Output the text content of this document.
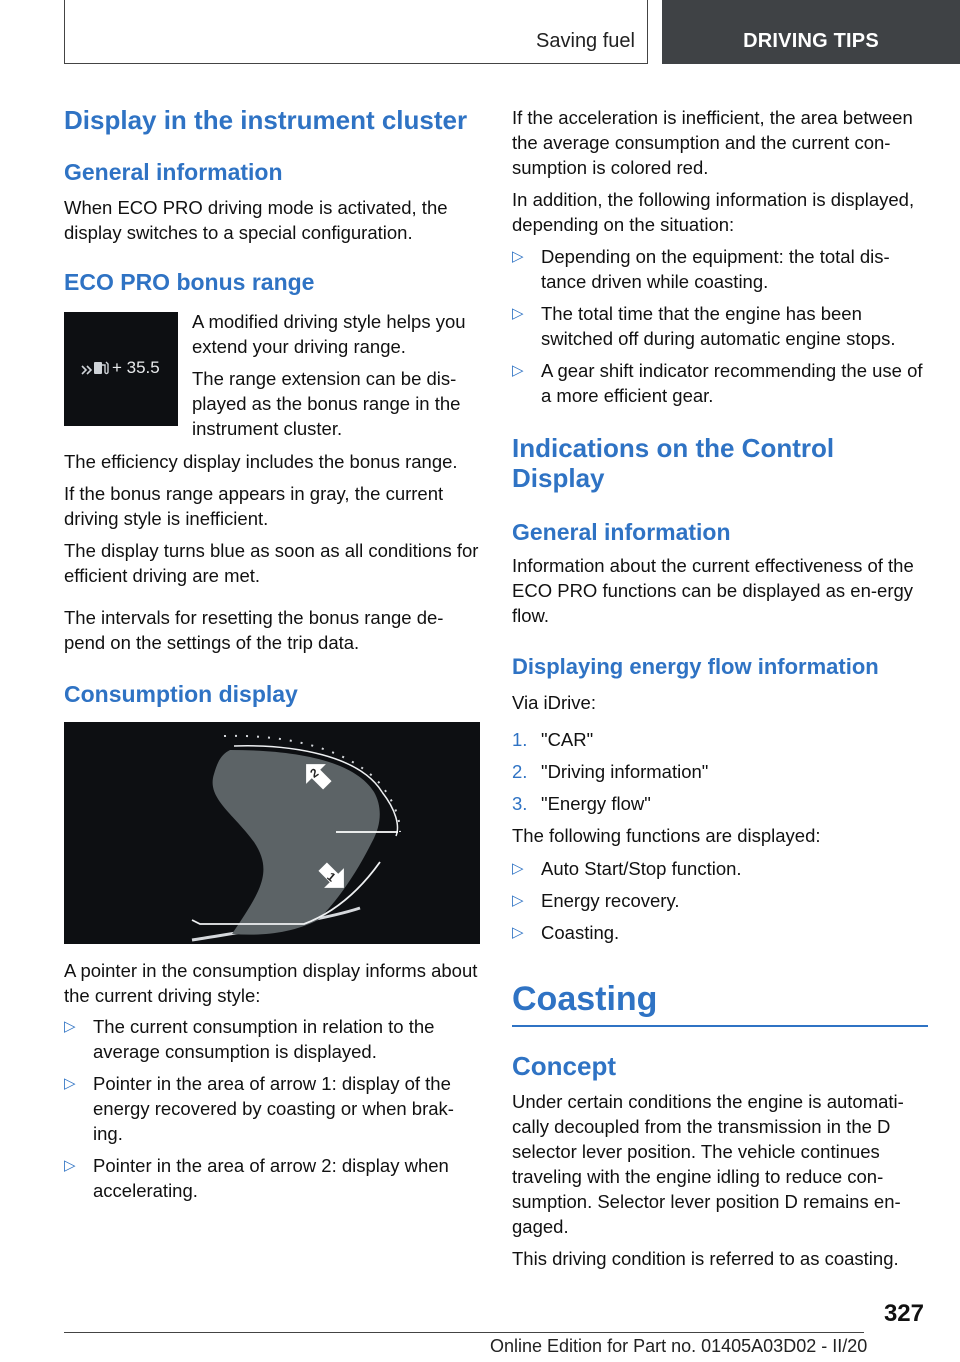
Saving fuel	DRIVING TIPS
Display in the instrument cluster
General information

When ECO PRO driving mode is activated, the display switches to a special configuration.

ECO PRO bonus range
+ 35.5

A modified driving style helps you extend your driving range.

The range extension can be dis-played as the bonus range in the instrument cluster.

The efficiency display includes the bonus range.

If the bonus range appears in gray, the current driving style is inefficient.

The display turns blue as soon as all conditions for efficient driving are met.

The intervals for resetting the bonus range de-pend on the settings of the trip data.

Consumption display
2
1

A pointer in the consumption display informs about the current driving style:

▷ The current consumption in relation to the average consumption is displayed.
▷ Pointer in the area of arrow 1: display of the energy recovered by coasting or when brak-ing.
▷ Pointer in the area of arrow 2: display when accelerating.

If the acceleration is inefficient, the area between the average consumption and the current con-sumption is colored red.

In addition, the following information is displayed, depending on the situation:

▷ Depending on the equipment: the total dis-tance driven while coasting.
▷ The total time that the engine has been switched off during automatic engine stops.
▷ A gear shift indicator recommending the use of a more efficient gear.
Indications on the Control Display
General information

Information about the current effectiveness of the ECO PRO functions can be displayed as en-ergy flow.

Displaying energy flow information

Via iDrive:

1. "CAR"
2. "Driving information"
3. "Energy flow"

The following functions are displayed:

▷ Auto Start/Stop function.
▷ Energy recovery.
▷ Coasting.
Coasting
Concept

Under certain conditions the engine is automati-cally decoupled from the transmission in the D selector lever position. The vehicle continues traveling with the engine idling to reduce con-sumption. Selector lever position D remains en-gaged.

This driving condition is referred to as coasting.

327
Online Edition for Part no. 01405A03D02 - II/20
